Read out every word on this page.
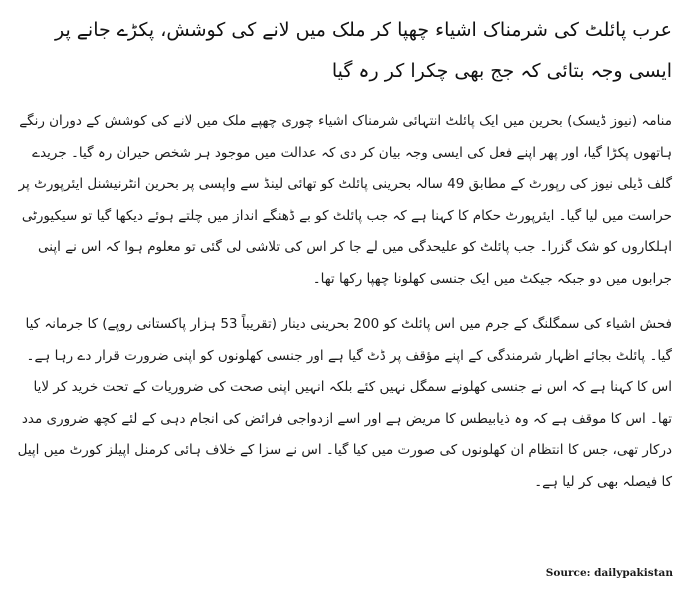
عرب پائلٹ کی شرمناک اشیاء چھپا کر ملک میں لانے کی کوشش، پکڑے جانے پر ایسی وجہ بتائی کہ جج بھی چکرا کر رہ گیا

منامہ (نیوز ڈیسک) بحرین میں ایک پائلٹ انتہائی شرمناک اشیاء چوری چھپے ملک میں لانے کی کوشش کے دوران رنگے ہاتھوں پکڑا گیا، اور پھر اپنے فعل کی ایسی وجہ بیان کر دی کہ عدالت میں موجود ہر شخص حیران رہ گیا۔ جریدے گلف ڈیلی نیوز کی رپورٹ کے مطابق 49 سالہ بحرینی پائلٹ کو تھائی لینڈ سے واپسی پر بحرین انٹرنیشنل ایئرپورٹ پر حراست میں لیا گیا۔ ایئرپورٹ حکام کا کہنا ہے کہ جب پائلٹ کو بے ڈھنگے انداز میں چلتے ہوئے دیکھا گیا تو سیکیورٹی اہلکاروں کو شک گزرا۔ جب پائلٹ کو علیحدگی میں لے جا کر اس کی تلاشی لی گئی تو معلوم ہوا کہ اس نے اپنی جرابوں میں دو جبکہ جیکٹ میں ایک جنسی کھلونا چھپا رکھا تھا۔

فحش اشیاء کی سمگلنگ کے جرم میں اس پائلٹ کو 200 بحرینی دینار (تقریباً 53 ہزار پاکستانی روپے) کا جرمانہ کیا گیا۔ پائلٹ بجائے اظہار شرمندگی کے اپنے مؤقف پر ڈٹ گیا ہے اور جنسی کھلونوں کو اپنی ضرورت قرار دے رہا ہے۔ اس کا کہنا ہے کہ اس نے جنسی کھلونے سمگل نہیں کئے بلکہ انہیں اپنی صحت کی ضروریات کے تحت خرید کر لایا تھا۔ اس کا موقف ہے کہ وہ ذیابیطس کا مریض ہے اور اسے ازدواجی فرائض کی انجام دہی کے لئے کچھ ضروری مدد درکار تھی، جس کا انتظام ان کھلونوں کی صورت میں کیا گیا۔ اس نے سزا کے خلاف ہائی کرمنل اپیلز کورٹ میں اپیل کا فیصلہ بھی کر لیا ہے۔

Source: dailypakistan
